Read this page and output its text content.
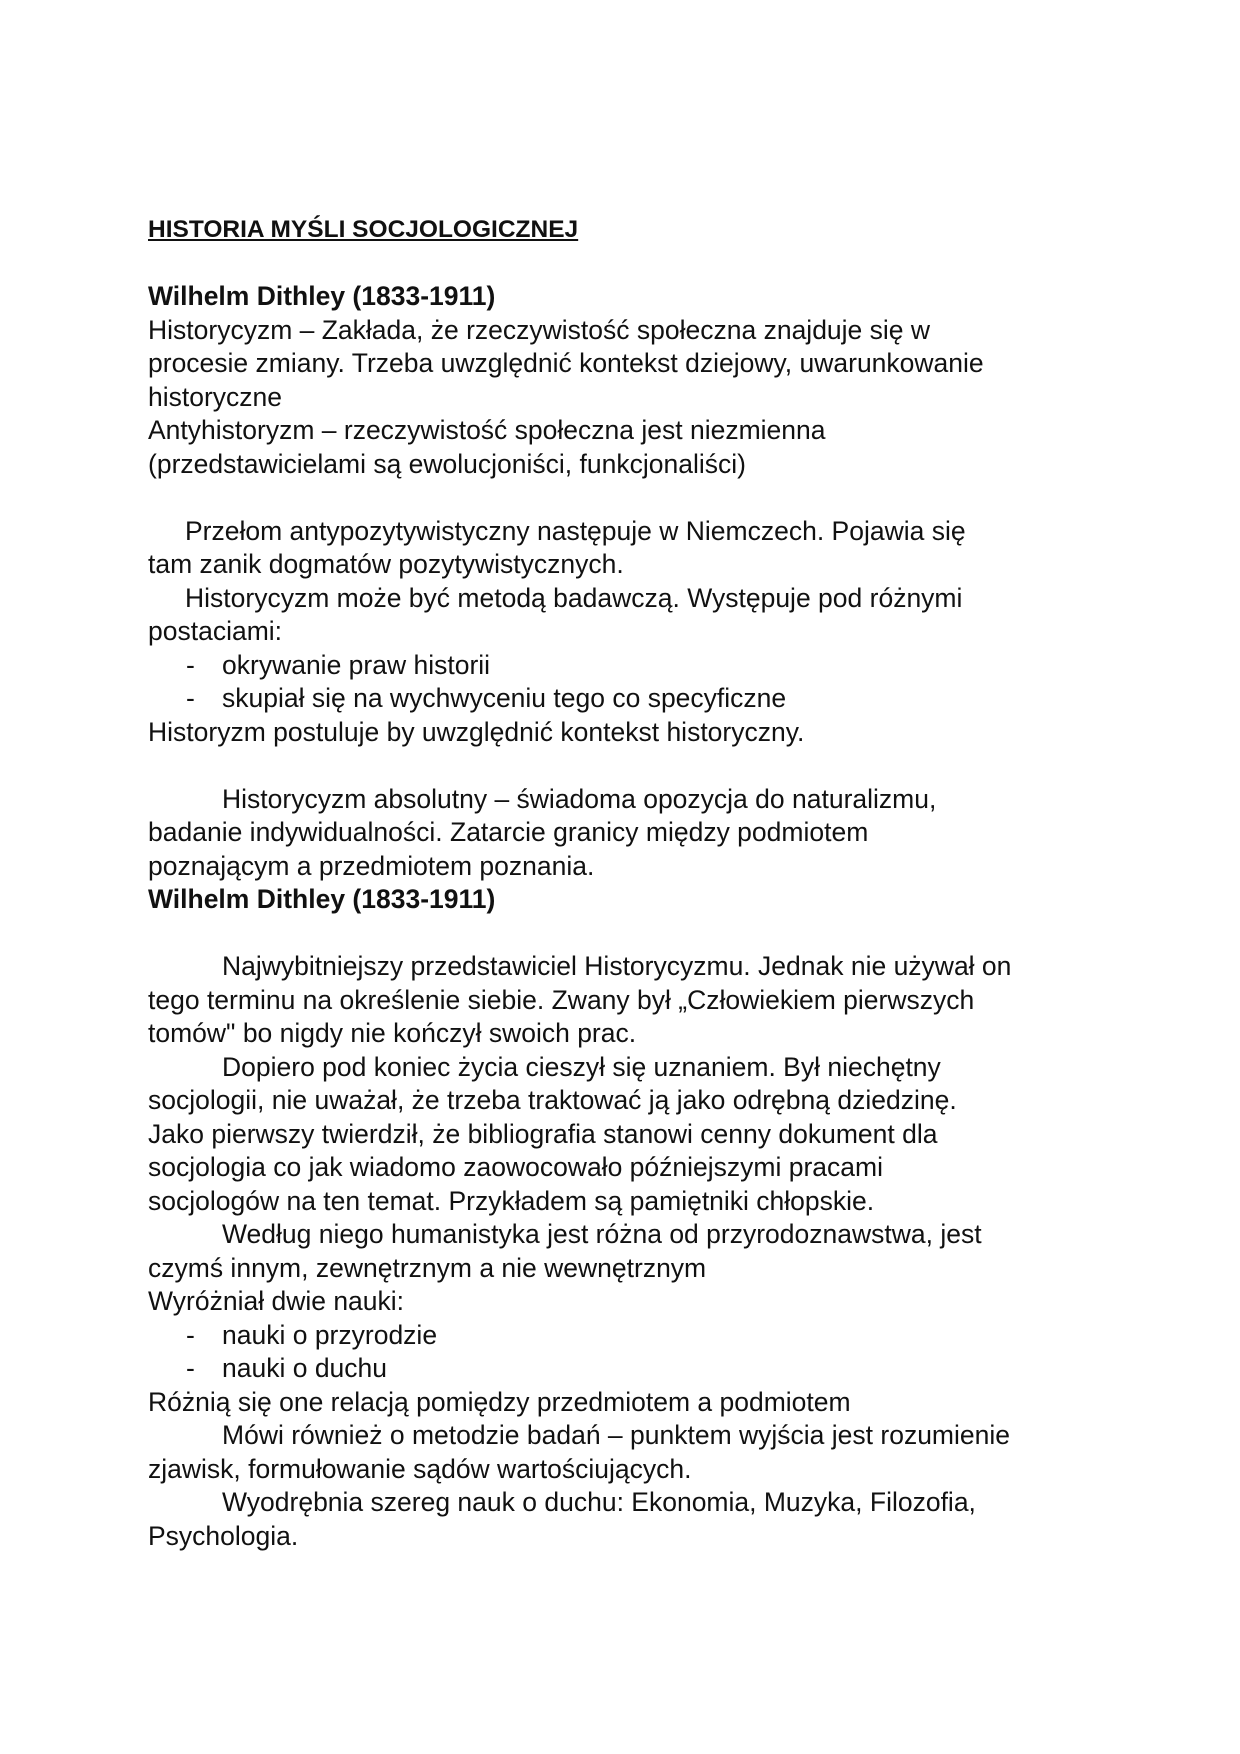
HISTORIA MYŚLI SOCJOLOGICZNEJ
Wilhelm Dithley (1833-1911)
Historycyzm – Zakłada, że rzeczywistość społeczna znajduje się w
procesie zmiany. Trzeba uwzględnić kontekst dziejowy, uwarunkowanie
historyczne
Antyhistoryzm – rzeczywistość społeczna jest niezmienna
(przedstawicielami są ewolucjoniści, funkcjonaliści)
Przełom antypozytywistyczny następuje w Niemczech. Pojawia się
tam zanik dogmatów pozytywistycznych.
Historycyzm może być metodą badawczą. Występuje pod różnymi
postaciami:
- okrywanie praw historii
- skupiał się na wychwyceniu tego co specyficzne
Historyzm postuluje by uwzględnić kontekst historyczny.
Historycyzm absolutny – świadoma opozycja do naturalizmu,
badanie indywidualności. Zatarcie granicy między podmiotem
poznającym a przedmiotem poznania.
Wilhelm Dithley (1833-1911)
Najwybitniejszy przedstawiciel Historycyzmu. Jednak nie używał on
tego terminu na określenie siebie. Zwany był „Człowiekiem pierwszych
tomów" bo nigdy nie kończył swoich prac.
Dopiero pod koniec życia cieszył się uznaniem. Był niechętny
socjologii, nie uważał, że trzeba traktować ją jako odrębną dziedzinę.
Jako pierwszy twierdził, że bibliografia stanowi cenny dokument dla
socjologia co jak wiadomo zaowocowało późniejszymi pracami
socjologów na ten temat. Przykładem są pamiętniki chłopskie.
Według niego humanistyka jest różna od przyrodoznawstwa, jest
czymś innym, zewnętrznym a nie wewnętrznym
Wyróżniał dwie nauki:
- nauki o przyrodzie
- nauki o duchu
Różnią się one relacją pomiędzy przedmiotem a podmiotem
Mówi również o metodzie badań – punktem wyjścia jest rozumienie
zjawisk, formułowanie sądów wartościujących.
Wyodrębnia szereg nauk o duchu: Ekonomia, Muzyka, Filozofia,
Psychologia.
